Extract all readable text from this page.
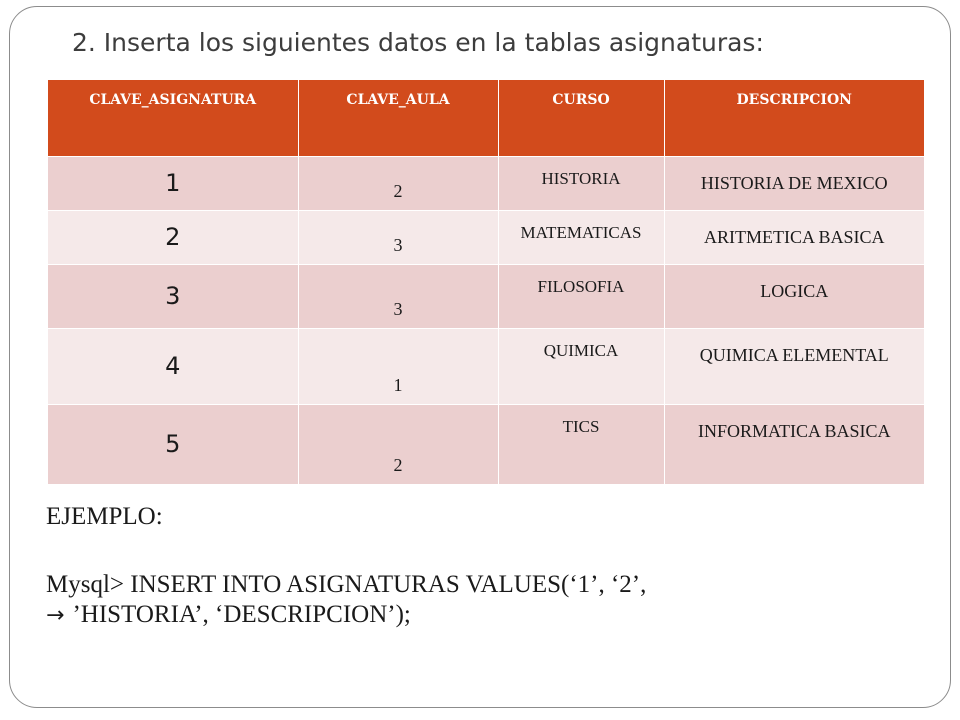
2. Inserta los siguientes datos en la tablas asignaturas:
CLAVE_ASIGNATURA	CLAVE_AULA	CURSO	DESCRIPCION
1	2	HISTORIA	HISTORIA DE MEXICO
2	3	MATEMATICAS	ARITMETICA BASICA
3	3	FILOSOFIA	LOGICA
4	1	QUIMICA	QUIMICA ELEMENTAL
5	2	TICS	INFORMATICA BASICA

EJEMPLO:

Mysql> INSERT INTO ASIGNATURAS VALUES(‘1’, ‘2’,

→ ’HISTORIA’, ‘DESCRIPCION’);
